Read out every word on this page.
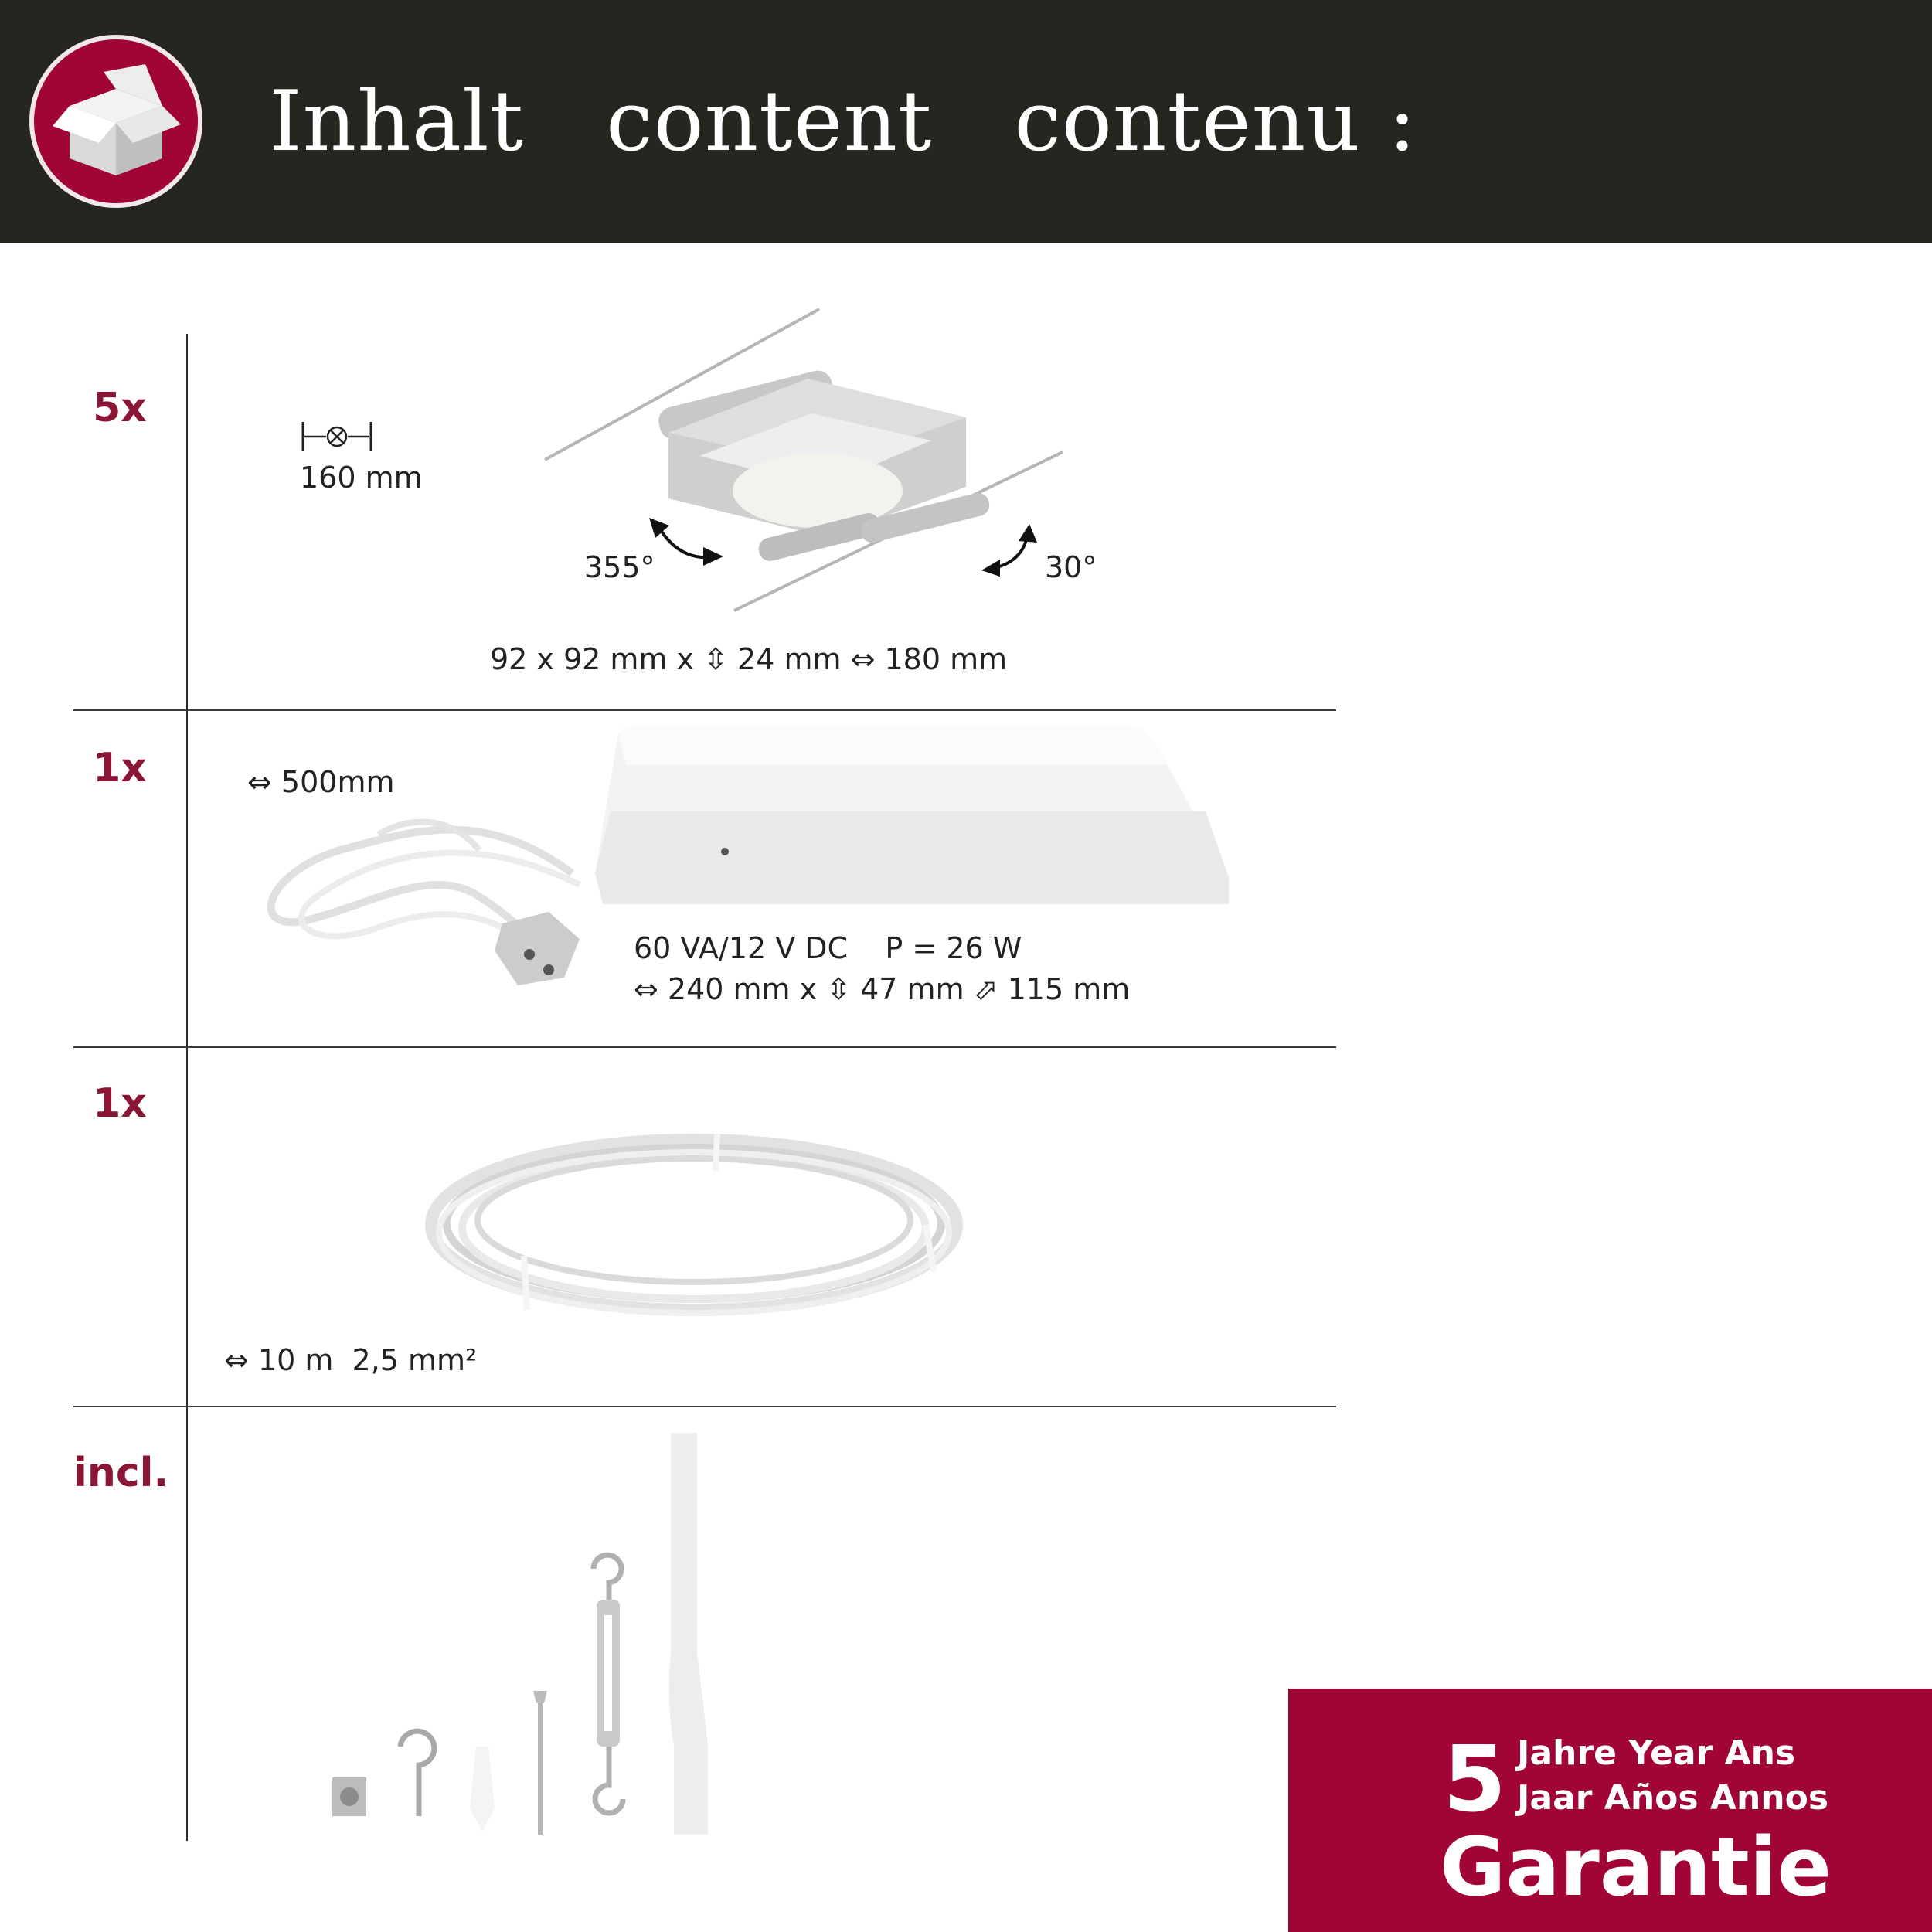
Inhalt   content   contenu :
5x
160 mm
355°	30°
92 x 92 mm x ⇳ 24 mm ⇔ 180 mm
1x	⇔ 500mm
60 VA/12 V DC    P = 26 W
⇔ 240 mm x ⇳ 47 mm ⬀ 115 mm
1x
⇔ 10 m  2,5 mm²
incl.
5 Jahre Year Ans
Jaar Años Annos
Garantie
